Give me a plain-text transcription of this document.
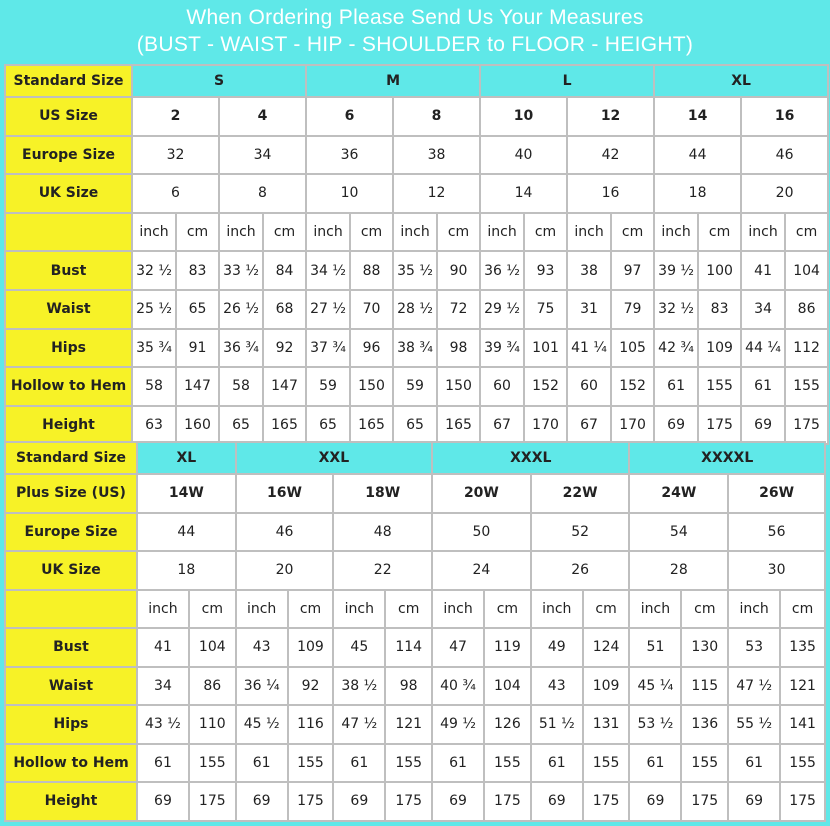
When Ordering Please Send Us Your Measures
(BUST - WAIST - HIP - SHOULDER to FLOOR - HEIGHT)
Standard Size	S				M				L				XL			
US Size	2		4		6		8		10		12		14		16	
Europe Size	32		34		36		38		40		42		44		46	
UK Size	6		8		10		12		14		16		18		20	
	inch	cm	inch	cm	inch	cm	inch	cm	inch	cm	inch	cm	inch	cm	inch	cm
Bust	32 ½	83	33 ½	84	34 ½	88	35 ½	90	36 ½	93	38	97	39 ½	100	41	104
Waist	25 ½	65	26 ½	68	27 ½	70	28 ½	72	29 ½	75	31	79	32 ½	83	34	86
Hips	35 ¾	91	36 ¾	92	37 ¾	96	38 ¾	98	39 ¾	101	41 ¼	105	42 ¾	109	44 ¼	112
Hollow to Hem	58	147	58	147	59	150	59	150	60	152	60	152	61	155	61	155
Height	63	160	65	165	65	165	65	165	67	170	67	170	69	175	69	175
Standard Size	XL		XXL				XXXL				XXXXL			
Plus Size (US)	14W		16W		18W		20W		22W		24W		26W	
Europe Size	44		46		48		50		52		54		56	
UK Size	18		20		22		24		26		28		30	
	inch	cm	inch	cm	inch	cm	inch	cm	inch	cm	inch	cm	inch	cm
Bust	41	104	43	109	45	114	47	119	49	124	51	130	53	135
Waist	34	86	36 ¼	92	38 ½	98	40 ¾	104	43	109	45 ¼	115	47 ½	121
Hips	43 ½	110	45 ½	116	47 ½	121	49 ½	126	51 ½	131	53 ½	136	55 ½	141
Hollow to Hem	61	155	61	155	61	155	61	155	61	155	61	155	61	155
Height	69	175	69	175	69	175	69	175	69	175	69	175	69	175
